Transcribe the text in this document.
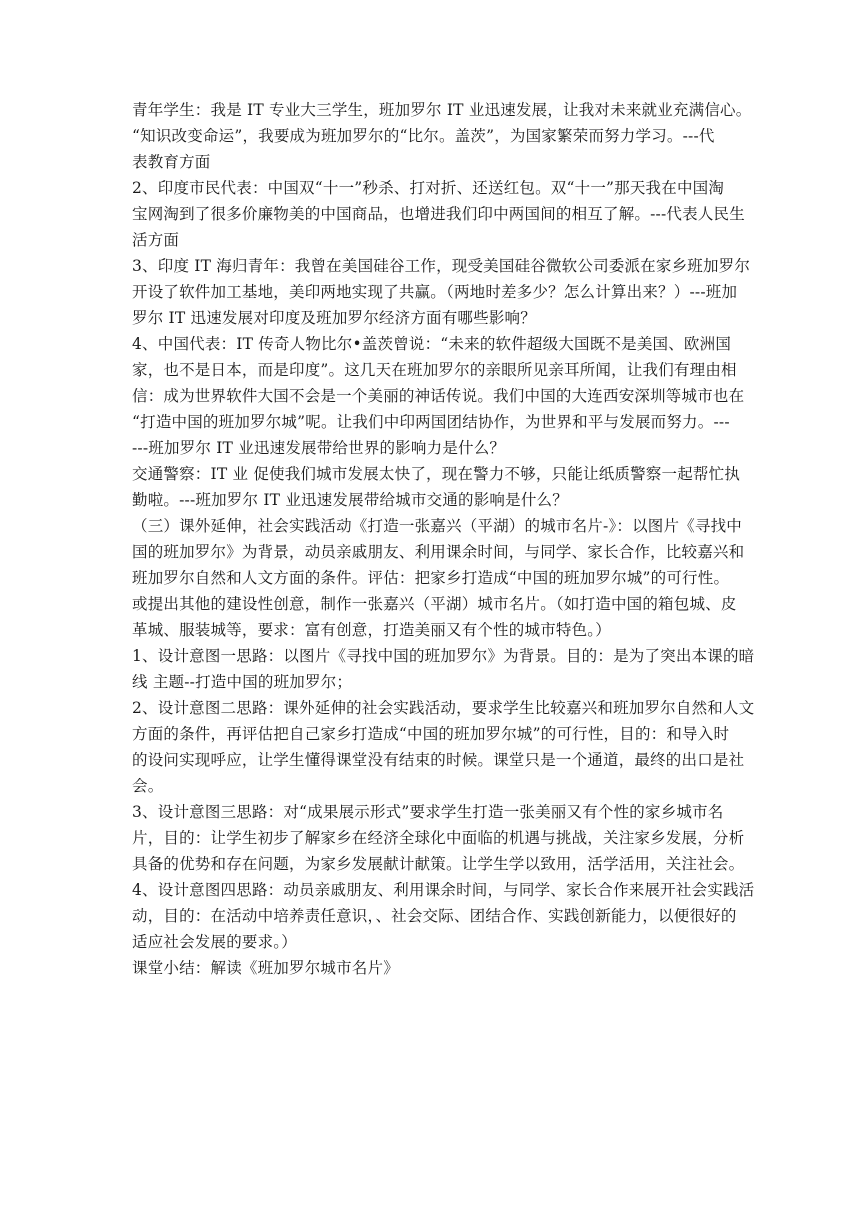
青年学生：我是 IT 专业大三学生，班加罗尔 IT 业迅速发展，让我对未来就业充满信心。
“知识改变命运”，我要成为班加罗尔的“比尔。盖茨”，为国家繁荣而努力学习。---代
表教育方面
2、印度市民代表：中国双“十一”秒杀、打对折、还送红包。双“十一”那天我在中国淘
宝网淘到了很多价廉物美的中国商品，也增进我们印中两国间的相互了解。---代表人民生
活方面
3、印度 IT 海归青年：我曾在美国硅谷工作，现受美国硅谷微软公司委派在家乡班加罗尔
开设了软件加工基地，美印两地实现了共赢。（两地时差多少？怎么计算出来？）---班加
罗尔 IT 迅速发展对印度及班加罗尔经济方面有哪些影响？
4、中国代表：IT 传奇人物比尔•盖茨曾说：“未来的软件超级大国既不是美国、欧洲国
家，也不是日本，而是印度”。这几天在班加罗尔的亲眼所见亲耳所闻，让我们有理由相
信：成为世界软件大国不会是一个美丽的神话传说。我们中国的大连西安深圳等城市也在
“打造中国的班加罗尔城”呢。让我们中印两国团结协作，为世界和平与发展而努力。---
---班加罗尔 IT 业迅速发展带给世界的影响力是什么？
交通警察：IT 业 促使我们城市发展太快了，现在警力不够，只能让纸质警察一起帮忙执
勤啦。---班加罗尔 IT 业迅速发展带给城市交通的影响是什么？
（三）课外延伸，社会实践活动《打造一张嘉兴（平湖）的城市名片-》：以图片《寻找中
国的班加罗尔》为背景，动员亲戚朋友、利用课余时间，与同学、家长合作，比较嘉兴和
班加罗尔自然和人文方面的条件。评估：把家乡打造成“中国的班加罗尔城”的可行性。
或提出其他的建设性创意，制作一张嘉兴（平湖）城市名片。（如打造中国的箱包城、皮
革城、服装城等，要求：富有创意，打造美丽又有个性的城市特色。）
1、设计意图一思路：以图片《寻找中国的班加罗尔》为背景。目的：是为了突出本课的暗
线 主题--打造中国的班加罗尔；
2、设计意图二思路：课外延伸的社会实践活动，要求学生比较嘉兴和班加罗尔自然和人文
方面的条件，再评估把自己家乡打造成“中国的班加罗尔城”的可行性，目的：和导入时
的设问实现呼应，让学生懂得课堂没有结束的时候。课堂只是一个通道，最终的出口是社
会。
3、设计意图三思路：对“成果展示形式”要求学生打造一张美丽又有个性的家乡城市名
片，目的：让学生初步了解家乡在经济全球化中面临的机遇与挑战，关注家乡发展，分析
具备的优势和存在问题，为家乡发展献计献策。让学生学以致用，活学活用，关注社会。
4、设计意图四思路：动员亲戚朋友、利用课余时间，与同学、家长合作来展开社会实践活
动，目的：在活动中培养责任意识，、社会交际、团结合作、实践创新能力，以便很好的
适应社会发展的要求。）
课堂小结：解读《班加罗尔城市名片》
